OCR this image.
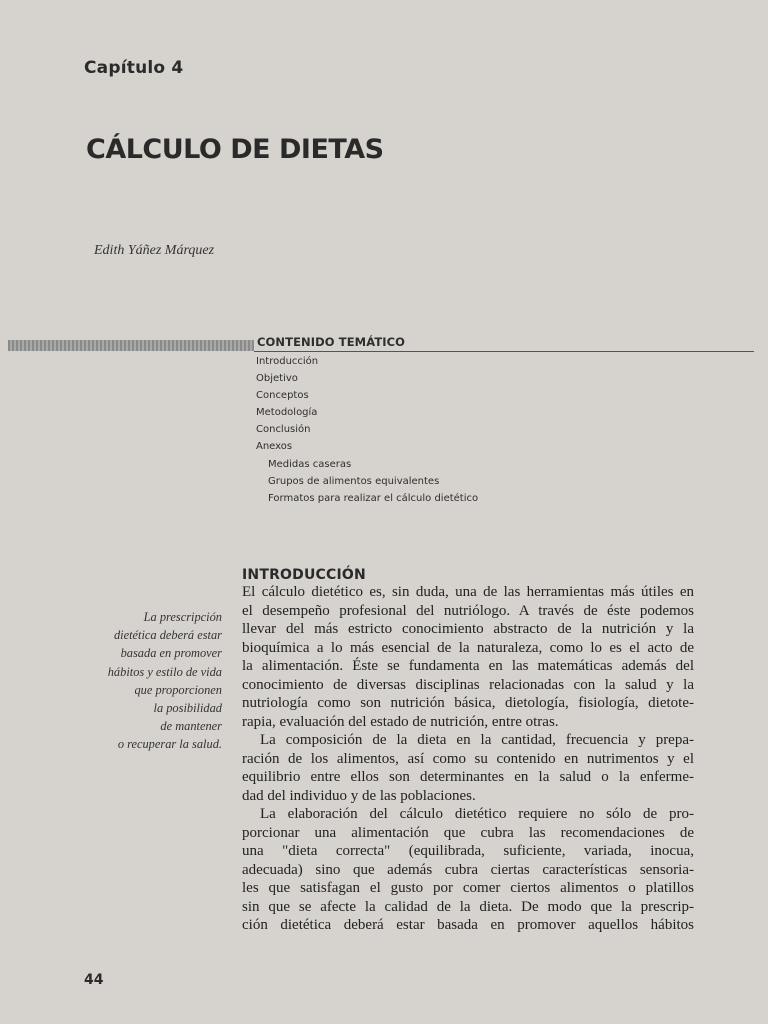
Capítulo 4
CÁLCULO DE DIETAS

Edith Yáñez Márquez

CONTENIDO TEMÁTICO
Introducción
Objetivo
Conceptos
Metodología
Conclusión
Anexos
Medidas caseras
Grupos de alimentos equivalentes
Formatos para realizar el cálculo dietético
INTRODUCCIÓN

La prescripción
dietética deberá estar
basada en promover
hábitos y estilo de vida
que proporcionen
la posibilidad
de mantener
o recuperar la salud.

El cálculo dietético es, sin duda, una de las herramientas más útiles en
el desempeño profesional del nutriólogo. A través de éste podemos
llevar del más estricto conocimiento abstracto de la nutrición y la
bioquímica a lo más esencial de la naturaleza, como lo es el acto de
la alimentación. Éste se fundamenta en las matemáticas además del
conocimiento de diversas disciplinas relacionadas con la salud y la
nutriología como son nutrición básica, dietología, fisiología, dietote-
rapia, evaluación del estado de nutrición, entre otras.
La composición de la dieta en la cantidad, frecuencia y prepa-
ración de los alimentos, así como su contenido en nutrimentos y el
equilibrio entre ellos son determinantes en la salud o la enferme-
dad del individuo y de las poblaciones.
La elaboración del cálculo dietético requiere no sólo de pro-
porcionar una alimentación que cubra las recomendaciones de
una "dieta correcta" (equilibrada, suficiente, variada, inocua,
adecuada) sino que además cubra ciertas características sensoria-
les que satisfagan el gusto por comer ciertos alimentos o platillos
sin que se afecte la calidad de la dieta. De modo que la prescrip-
ción dietética deberá estar basada en promover aquellos hábitos

44
